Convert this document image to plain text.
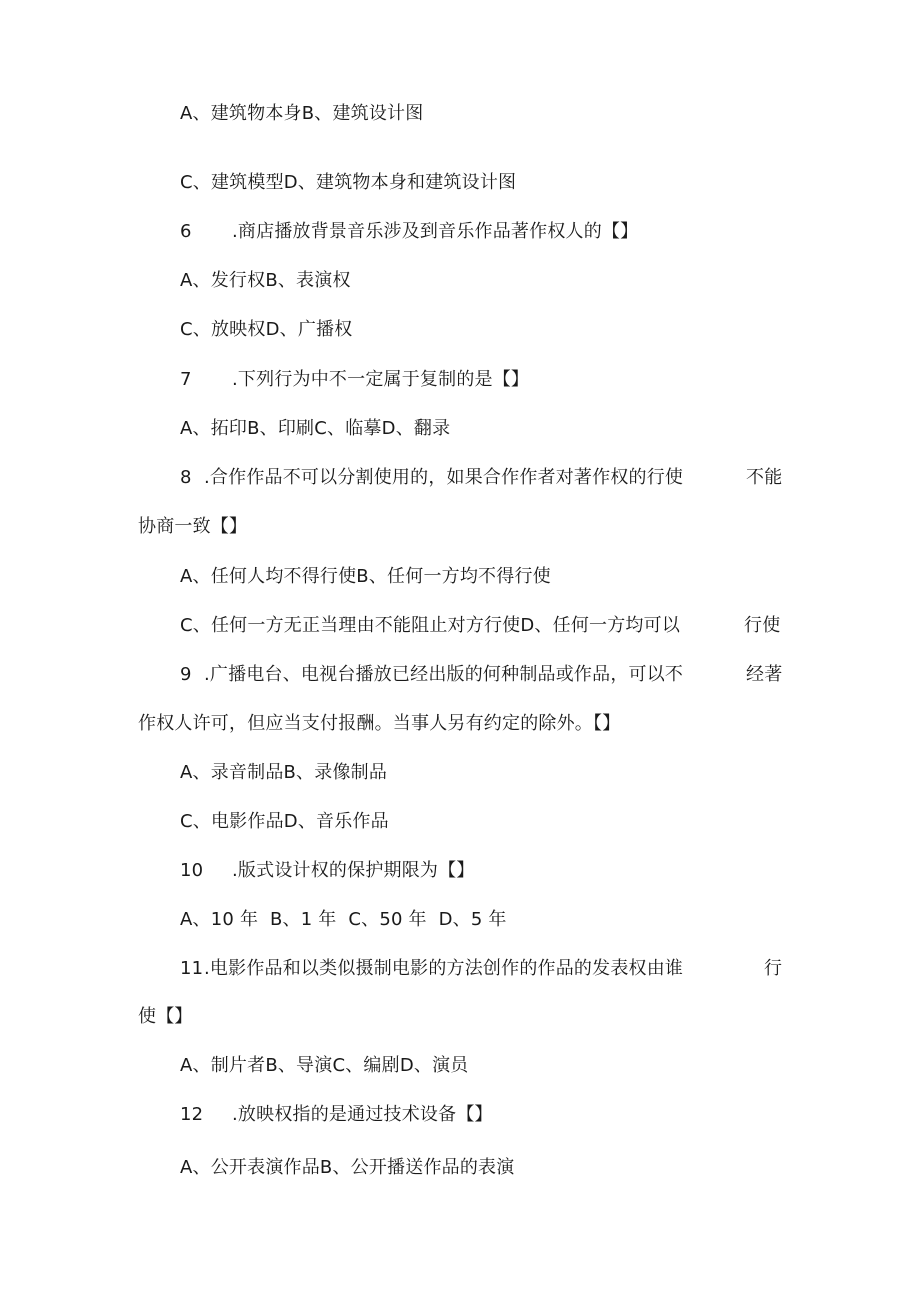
A、建筑物本身B、建筑设计图
C、建筑模型D、建筑物本身和建筑设计图
6 .商店播放背景音乐涉及到音乐作品著作权人的【】
A、发行权B、表演权
C、放映权D、广播权
7 .下列行为中不一定属于复制的是【】
A、拓印B、印刷C、临摹D、翻录
8 .合作作品不可以分割使用的，如果合作作者对著作权的行使	不能
协商一致【】
A、任何人均不得行使B、任何一方均不得行使
C、任何一方无正当理由不能阻止对方行使D、任何一方均可以	行使
9 .广播电台、电视台播放已经出版的何种制品或作品，可以不	经著
作权人许可，但应当支付报酬。当事人另有约定的除外。【】
A、录音制品B、录像制品
C、电影作品D、音乐作品
10 .版式设计权的保护期限为【】
A、10 年  B、1 年  C、50 年  D、5 年
11.电影作品和以类似摄制电影的方法创作的作品的发表权由谁	行
使【】
A、制片者B、导演C、编剧D、演员
12 .放映权指的是通过技术设备【】
A、公开表演作品B、公开播送作品的表演
